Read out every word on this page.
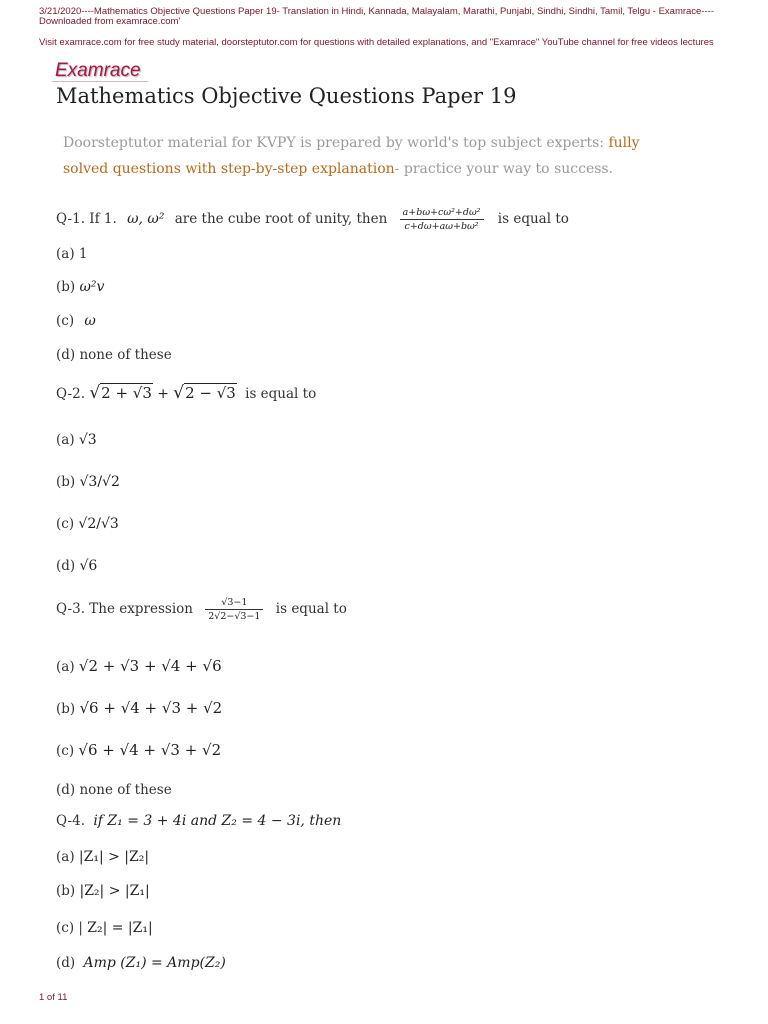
3/21/2020----Mathematics Objective Questions Paper 19- Translation in Hindi, Kannada, Malayalam, Marathi, Punjabi, Sindhi, Sindhi, Tamil, Telgu - Examrace----Downloaded from examrace.com'
Visit examrace.com for free study material, doorsteptutor.com for questions with detailed explanations, and "Examrace" YouTube channel for free videos lectures
Examrace
Mathematics Objective Questions Paper 19
Doorsteptutor material for KVPY is prepared by world's top subject experts: fully solved questions with step-by-step explanation- practice your way to success.
Q-1. If 1. ω, ω² are the cube root of unity, then $\frac{\text{a+bω+cω²+dω²}}{\text{c+dω+aω+bω²}}$ is equal to
(a) 1
(b) ω²v
(c) ω
(d) none of these
Q-2. √2 + √3 + √2 − √3 is equal to
(a) √3
(b) √3/√2
(c) √2/√3
(d) √6
Q-3. The expression $\frac{√3-1}{2√2-√3-1}$ is equal to
(a) √2 + √3 + √4 + √6
(b) √6 + √4 + √3 + √2
(c) √6 + √4 + √3 + √2
(d) none of these
Q-4. if Z₁ = 3 + 4i and Z₂ = 4 − 3i, then
(a) |Z₁| > |Z₂|
(b) |Z₂| > |Z₁|
(c) | Z₂| = |Z₁|
(d) Amp (Z₁) = Amp(Z₂)
1 of 11
